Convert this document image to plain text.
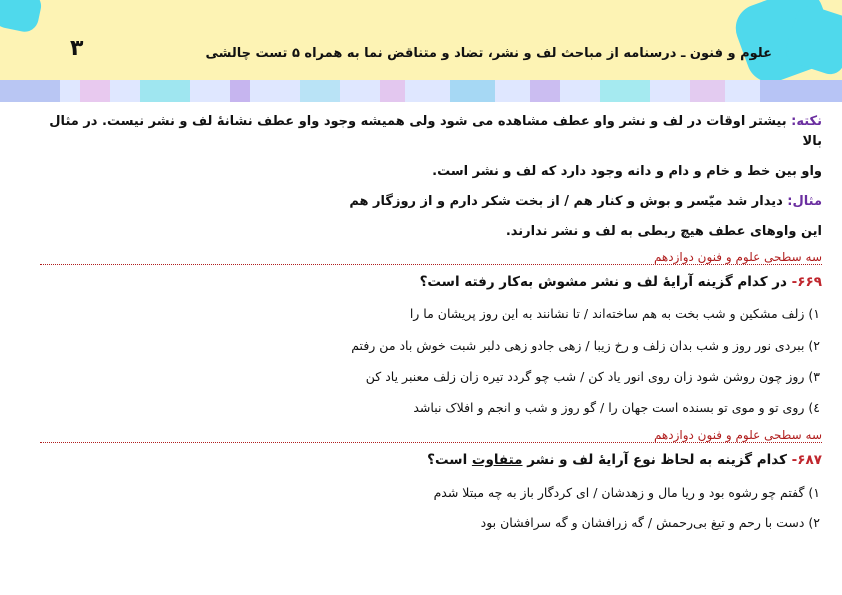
۳	علوم و فنون ـ درسنامه از مباحث لف و نشر، تضاد و متناقض نما به همراه ۵ تست چالشی

نکته: بیشتر اوقات در لف و نشر واو عطف مشاهده می شود ولی همیشه وجود واو عطف نشانهٔ لف و نشر نیست. در مثال بالا

واو بین خط و خام و دام و دانه وجود دارد که لف و نشر است.

مثال: دیدار شد میّسر و بوش و کنار هم / از بخت شکر دارم و از روزگار هم

این واوهای عطف هیچ ربطی به لف و نشر ندارند.

سه سطحی علوم و فنون دوازدهم
۶۶۹- در کدام گزینه آرایهٔ لف و نشر مشوش به‌کار رفته است؟
۱) زلف مشکین و شب بخت به هم ساخته‌اند / تا نشانند به این روز پریشان ما را
۲) ببردی نور روز و شب بدان زلف و رخ زیبا / زهی جادو زهی دلبر شبت خوش باد من رفتم
۳) روز چون روشن شود زان روی انور یاد کن / شب چو گردد تیره زان زلف معنبر یاد کن
٤) روی تو و موی تو بسنده است جهان را / گو روز و شب و انجم و افلاک نباشد
سه سطحی علوم و فنون دوازدهم
۶۸۷- کدام گزینه به لحاظ نوع آرایهٔ لف و نشر متفاوت است؟
۱) گفتم چو رشوه بود و ریا مال و زهدشان / ای کردگار باز به چه مبتلا شدم
۲) دست با رحم و تیغ بی‌رحمش / گه زرافشان و گه سرافشان بود
